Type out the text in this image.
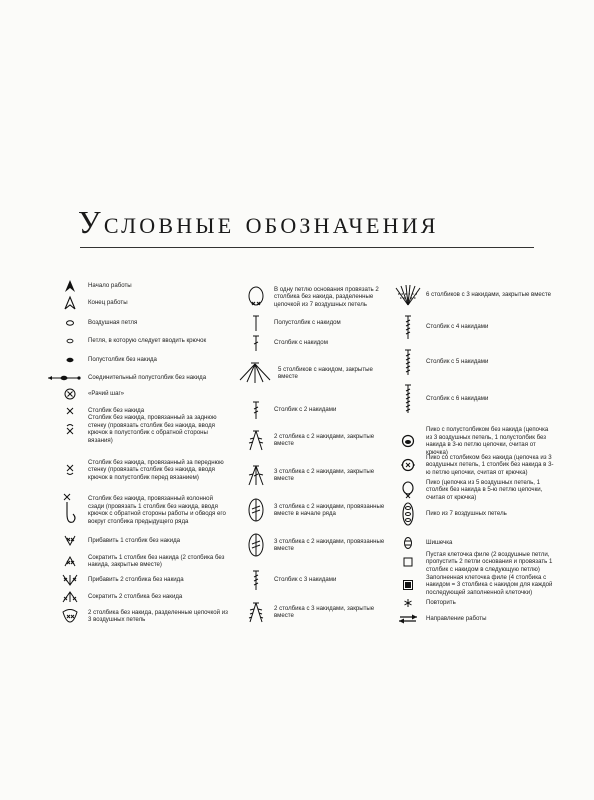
Условные обозначения
Начало работы
Конец работы
Воздушная петля
Петля, в которую следует вводить крючок
Полустолбик без накида
Соединительный полустолбик без накида
«Рачий шаг»
Столбик без накида
Столбик без накида, провязанный за заднюю стенку (провязать столбик без накида, вводя крючок в полустолбик с обратной стороны вязания)
Столбик без накида, провязанный за переднюю стенку (провязать столбик без накида, вводя крючок в полустолбик перед вязанием)
Столбик без накида, провязанный колонной сзади (провязать 1 столбик без накида, вводя крючок с обратной стороны работы и обводя его вокруг столбика предыдущего ряда
Прибавить 1 столбик без накида
Сократить 1 столбик без накида (2 столбика без накида, закрытые вместе)
Прибавить 2 столбика без накида
Сократить 2 столбика без накида
2 столбика без накида, разделенные цепочкой из 3 воздушных петель
В одну петлю основания провязать 2 столбика без накида, разделенные цепочкой из 7 воздушных петель
Полустолбик с накидом
Столбик с накидом
5 столбиков с накидом, закрытые вместе
Столбик с 2 накидами
2 столбика с 2 накидами, закрытые вместе
3 столбика с 2 накидами, закрытые вместе
3 столбика с 2 накидами, провязанные вместе в начале ряда
3 столбика с 2 накидами, провязанные вместе
Столбик с 3 накидами
2 столбика с 3 накидами, закрытые вместе
6 столбиков с 3 накидами, закрытые вместе
Столбик с 4 накидами
Столбик с 5 накидами
Столбик с 6 накидами
Пико с полустолбиком без накида (цепочка из 3 воздушных петель, 1 полустолбик без накида в 3-ю петлю цепочки, считая от крючка)
Пико со столбиком без накида (цепочка из 3 воздушных петель, 1 столбик без накида в 3-ю петлю цепочки, считая от крючка)
Пико (цепочка из 5 воздушных петель, 1 столбик без накида в 5-ю петлю цепочки, считая от крючка)
Пико из 7 воздушных петель
Шишечка
Пустая клеточка филе (2 воздушные петли, пропустить 2 петли основания и провязать 1 столбик с накидом в следующую петлю)
Заполненная клеточка филе (4 столбика с накидом = 3 столбика с накидом для каждой последующей заполненной клеточки)
Повторить
Направление работы
